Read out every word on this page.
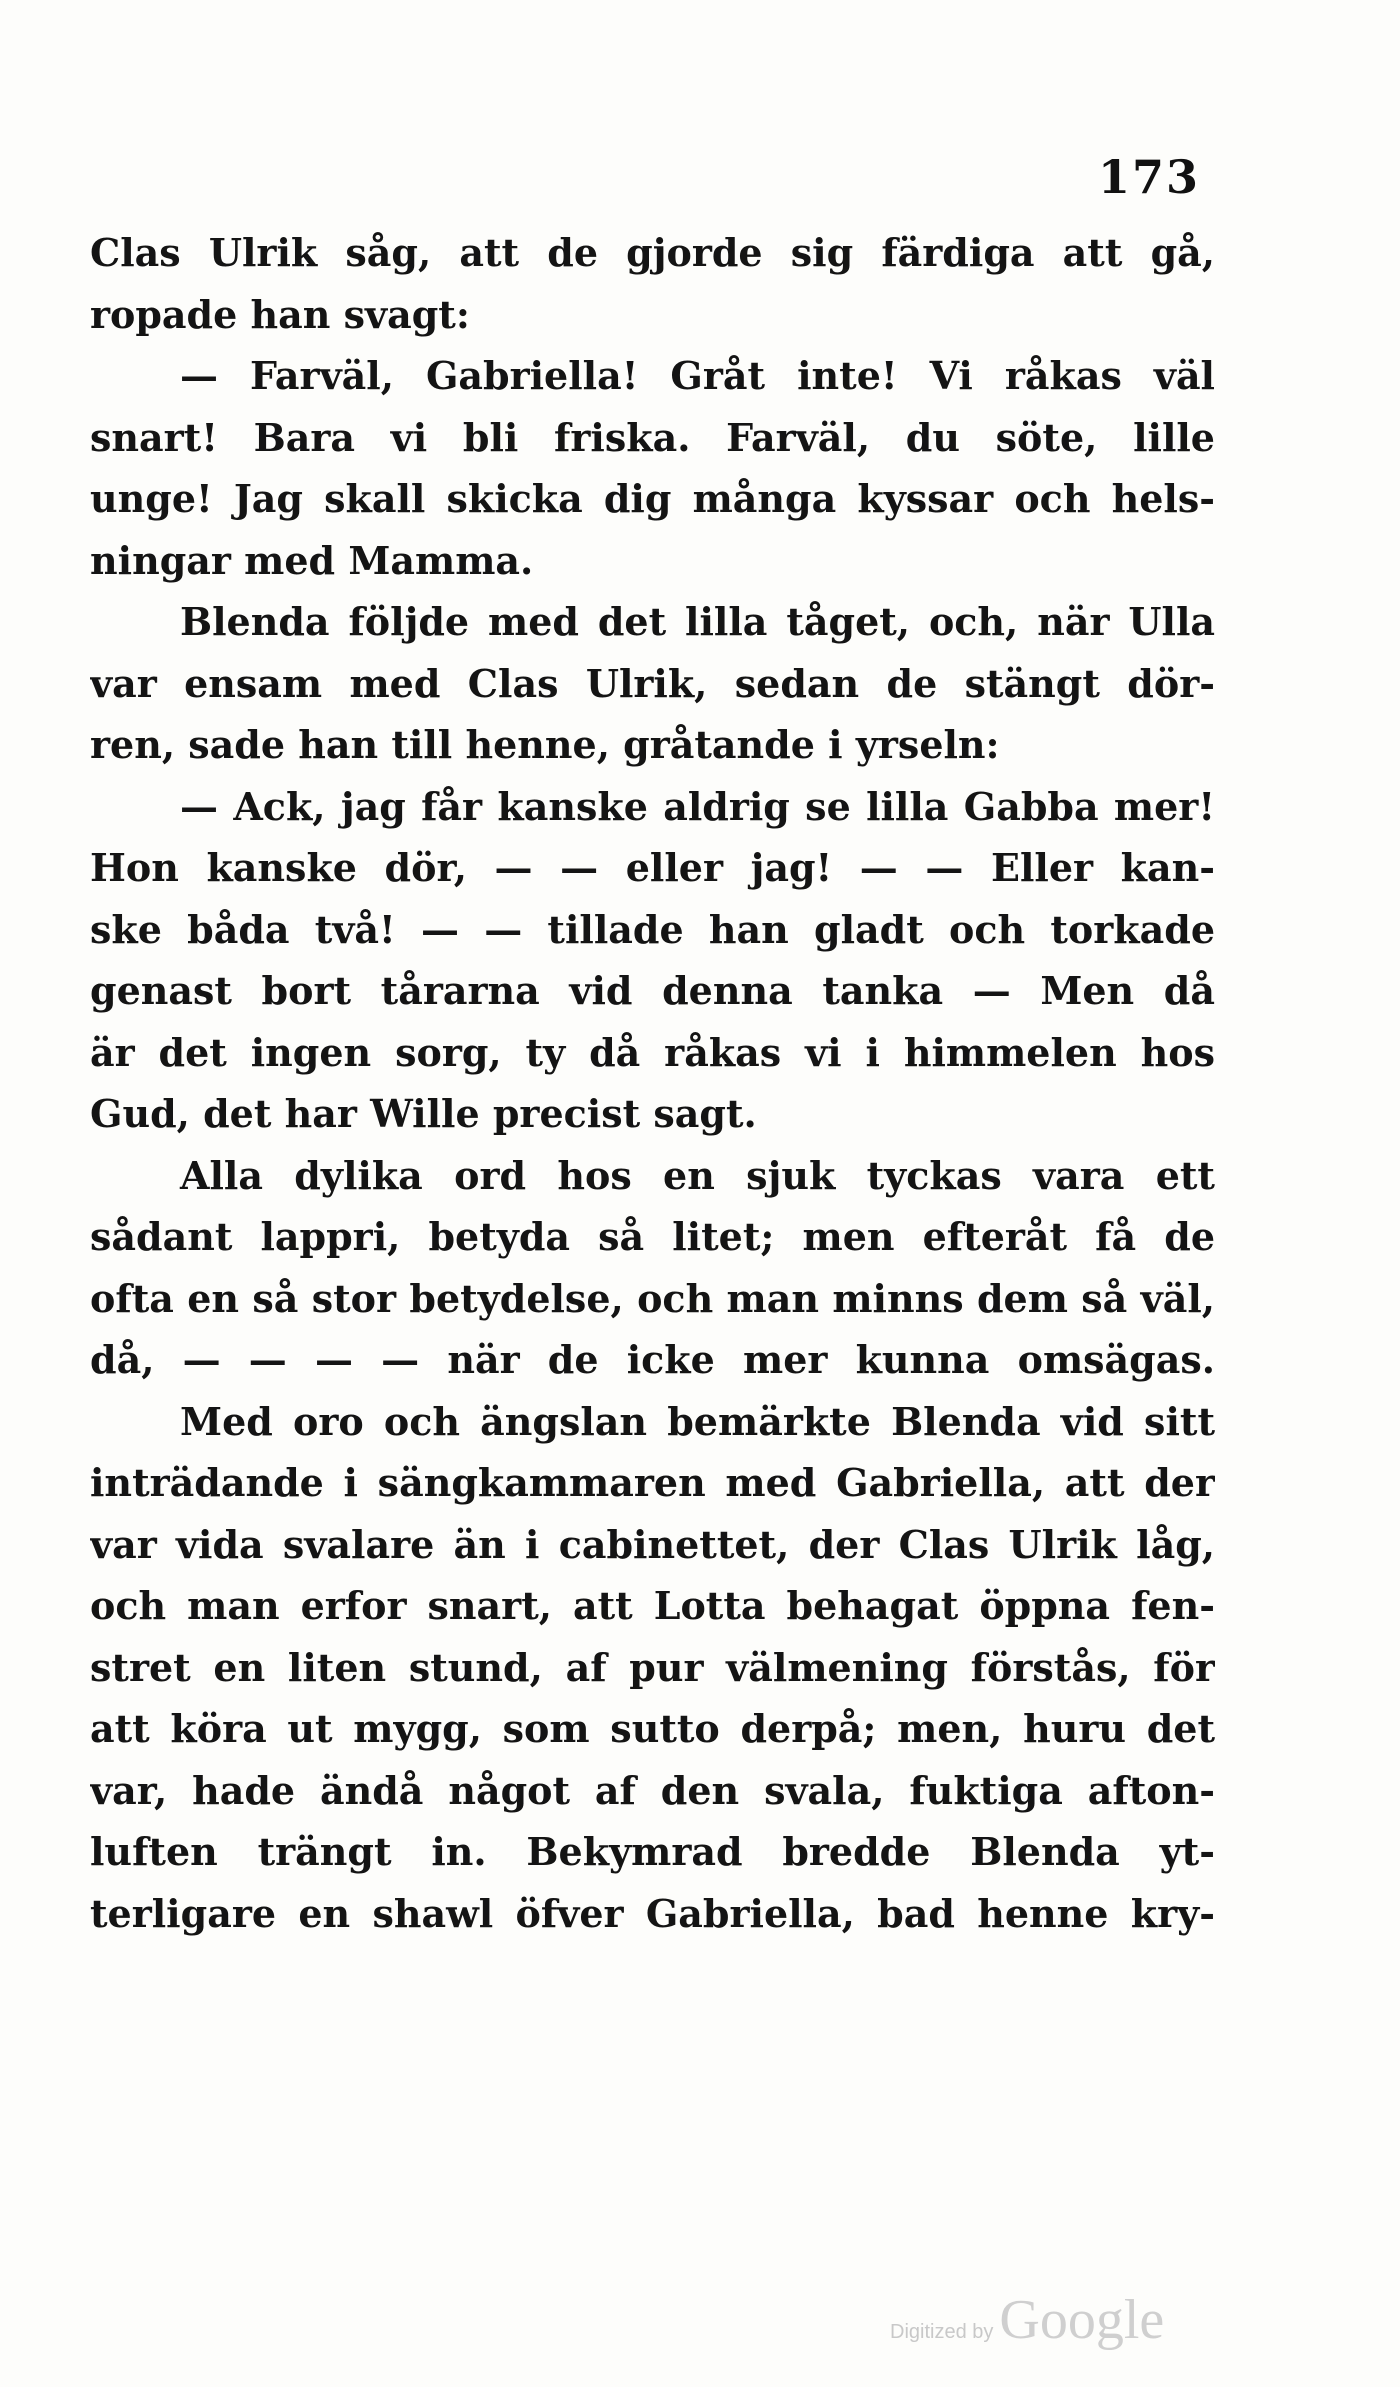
173
Clas Ulrik såg, att de gjorde sig färdiga att gå,
ropade han svagt:
— Farväl, Gabriella! Gråt inte! Vi råkas väl
snart! Bara vi bli friska. Farväl, du söte, lille
unge! Jag skall skicka dig många kyssar och hels-
ningar med Mamma.
Blenda följde med det lilla tåget, och, när Ulla
var ensam med Clas Ulrik, sedan de stängt dör-
ren, sade han till henne, gråtande i yrseln:
— Ack, jag får kanske aldrig se lilla Gabba mer!
Hon kanske dör, — — eller jag! — — Eller kan-
ske båda två! — — tillade han gladt och torkade
genast bort tårarna vid denna tanka — Men då
är det ingen sorg, ty då råkas vi i himmelen hos
Gud, det har Wille precist sagt.
Alla dylika ord hos en sjuk tyckas vara ett
sådant lappri, betyda så litet; men efteråt få de
ofta en så stor betydelse, och man minns dem så väl,
då, — — — — när de icke mer kunna omsägas.
Med oro och ängslan bemärkte Blenda vid sitt
inträdande i sängkammaren med Gabriella, att der
var vida svalare än i cabinettet, der Clas Ulrik låg,
och man erfor snart, att Lotta behagat öppna fen-
stret en liten stund, af pur välmening förstås, för
att köra ut mygg, som sutto derpå; men, huru det
var, hade ändå något af den svala, fuktiga afton-
luften trängt in. Bekymrad bredde Blenda yt-
terligare en shawl öfver Gabriella, bad henne kry-
Digitized by Google
